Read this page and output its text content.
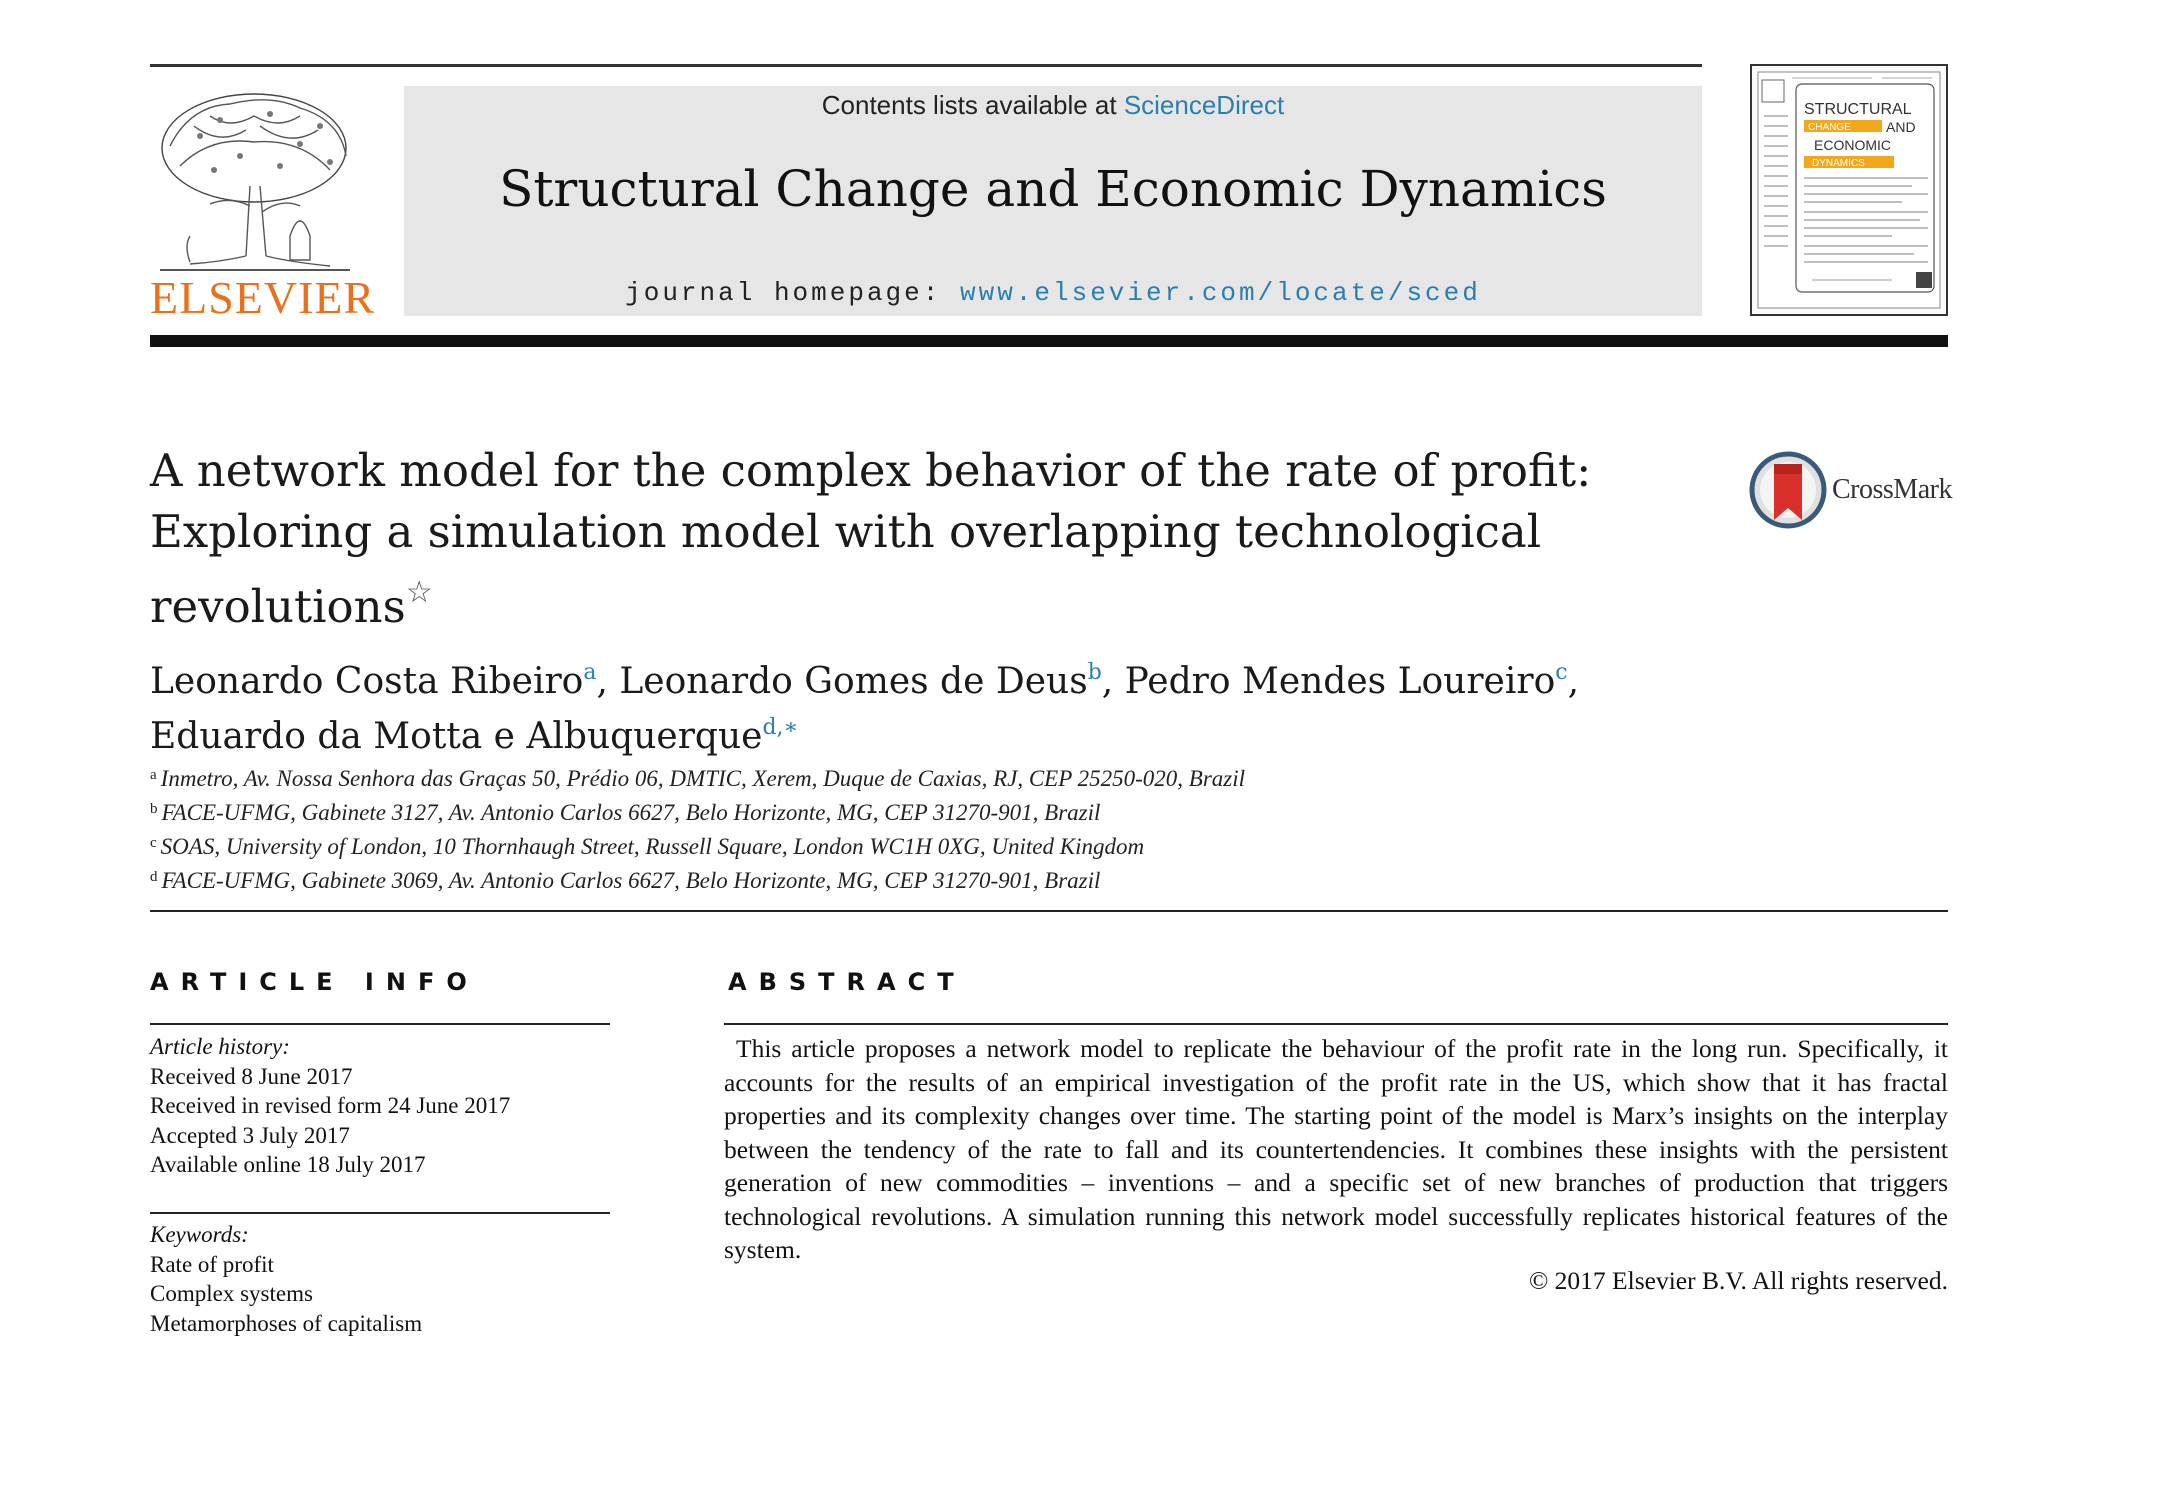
ELSEVIER
Contents lists available at ScienceDirect
Structural Change and Economic Dynamics
journal homepage: www.elsevier.com/locate/sced
STRUCTURAL
CHANGE	AND
ECONOMIC
DYNAMICS
A network model for the complex behavior of the rate of profit:
Exploring a simulation model with overlapping technological
revolutions☆
CrossMark
Leonardo Costa Ribeiro$^a$, Leonardo Gomes de Deus$^b$, Pedro Mendes Loureiro$^c$,
Eduardo da Motta e Albuquerque$^{d,∗}$
$^a$ Inmetro, Av. Nossa Senhora das Graças 50, Prédio 06, DMTIC, Xerem, Duque de Caxias, RJ, CEP 25250-020, Brazil
$^b$ FACE-UFMG, Gabinete 3127, Av. Antonio Carlos 6627, Belo Horizonte, MG, CEP 31270-901, Brazil
$^c$ SOAS, University of London, 10 Thornhaugh Street, Russell Square, London WC1H 0XG, United Kingdom
$^d$ FACE-UFMG, Gabinete 3069, Av. Antonio Carlos 6627, Belo Horizonte, MG, CEP 31270-901, Brazil
ARTICLE INFO
Article history:
Received 8 June 2017
Received in revised form 24 June 2017
Accepted 3 July 2017
Available online 18 July 2017
Keywords:
Rate of profit
Complex systems
Metamorphoses of capitalism
ABSTRACT
This article proposes a network model to replicate the behaviour of the profit rate in the long run. Specifically, it accounts for the results of an empirical investigation of the profit rate in the US, which show that it has fractal properties and its complexity changes over time. The starting point of the model is Marx’s insights on the interplay between the tendency of the rate to fall and its countertendencies. It combines these insights with the persistent generation of new commodities – inventions – and a specific set of new branches of production that triggers technological revolutions. A simulation running this network model successfully replicates historical features of the system.
© 2017 Elsevier B.V. All rights reserved.
